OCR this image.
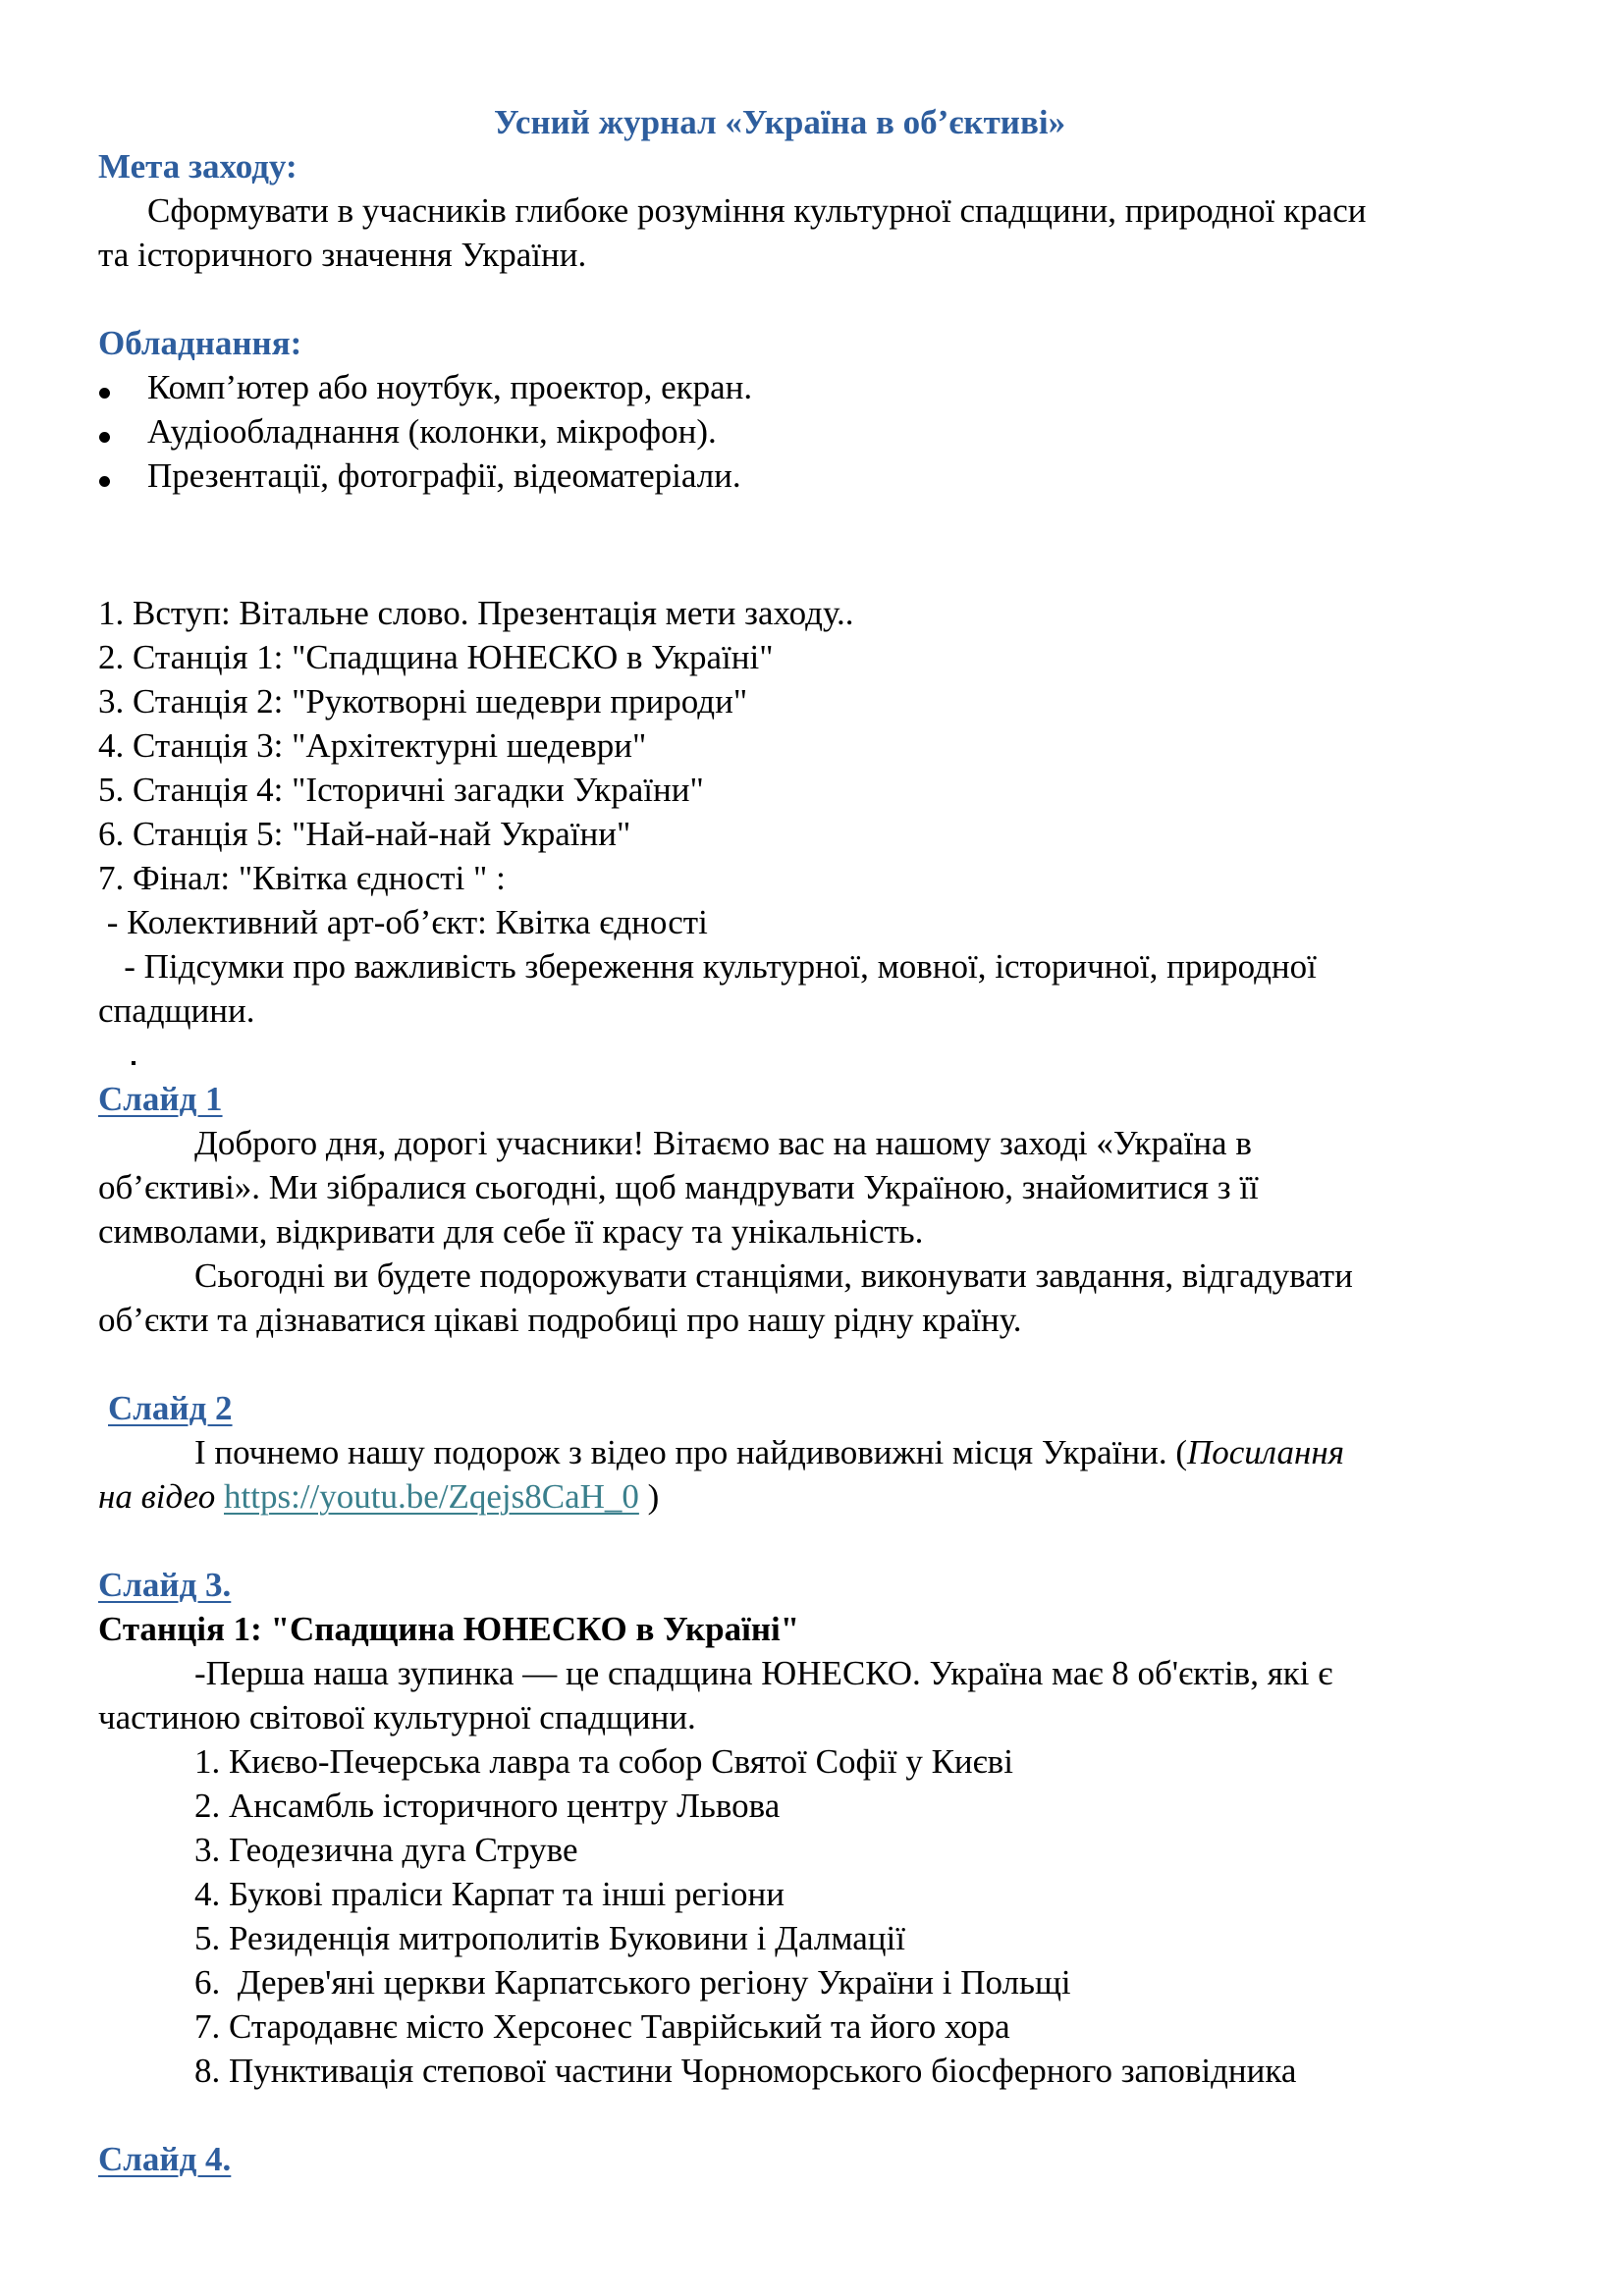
Усний журнал «Україна в об’єктиві»
Мета заходу:
Сформувати в учасників глибоке розуміння культурної спадщини, природної краси
та історичного значення України.
Обладнання:
Комп’ютер або ноутбук, проектор, екран.
Аудіообладнання (колонки, мікрофон).
Презентації, фотографії, відеоматеріали.
1. Вступ: Вітальне слово. Презентація мети заходу..
2. Станція 1: "Спадщина ЮНЕСКО в Україні"
3. Станція 2: "Рукотворні шедеври природи"
4. Станція 3: "Архітектурні шедеври"
5. Станція 4: "Історичні загадки України"
6. Станція 5: "Най-най-най України"
7. Фінал: "Квітка єдності " :
- Колективний арт-об’єкт: Квітка єдності
- Підсумки про важливість збереження культурної, мовної, історичної, природної
спадщини.
Слайд 1
Доброго дня, дорогі учасники! Вітаємо вас на нашому заході «Україна в
об’єктиві». Ми зібралися сьогодні, щоб мандрувати Україною, знайомитися з її
символами, відкривати для себе її красу та унікальність.
Сьогодні ви будете подорожувати станціями, виконувати завдання, відгадувати
об’єкти та дізнаватися цікаві подробиці про нашу рідну країну.
Слайд 2
І почнемо нашу подорож з відео про найдивовижні місця України. (Посилання
на відео https://youtu.be/Zqejs8CaH_0 )
Слайд 3.
Станція 1: "Спадщина ЮНЕСКО в Україні"
-Перша наша зупинка — це спадщина ЮНЕСКО. Україна має 8 об'єктів, які є
частиною світової культурної спадщини.
1. Києво-Печерська лавра та собор Святої Софії у Києві
2. Ансамбль історичного центру Львова
3. Геодезична дуга Струве
4. Букові праліси Карпат та інші регіони
5. Резиденція митрополитів Буковини і Далмації
6.  Дерев'яні церкви Карпатського регіону України і Польщі
7. Стародавнє місто Херсонес Таврійський та його хора
8. Пунктивація степової частини Чорноморського біосферного заповідника
Слайд 4.
